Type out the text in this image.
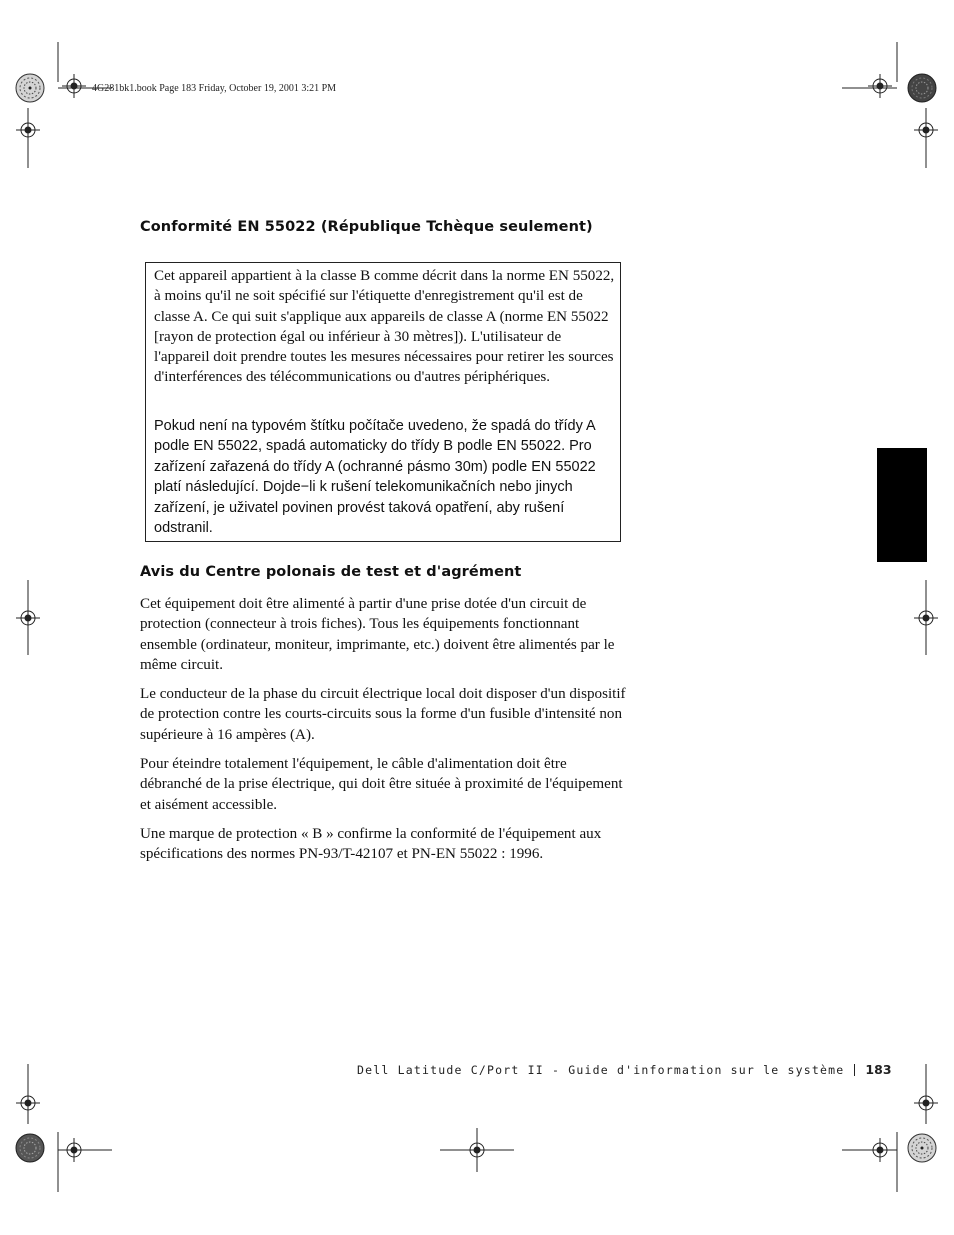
4G281bk1.book Page 183 Friday, October 19, 2001 3:21 PM
Conformité EN 55022 (République Tchèque seulement)
Cet appareil appartient à la classe B comme décrit dans la norme EN 55022, à moins qu'il ne soit spécifié sur l'étiquette d'enregistrement qu'il est de classe A. Ce qui suit s'applique aux appareils de classe A (norme EN 55022 [rayon de protection égal ou inférieur à 30 mètres]). L'utilisateur de l'appareil doit prendre toutes les mesures nécessaires pour retirer les sources d'interférences des télécommunications ou d'autres périphériques.
Pokud není na typovém štítku počítače uvedeno, že spadá do třídy A podle EN 55022, spadá automaticky do třídy B podle EN 55022. Pro zařízení zařazená do třídy A (ochranné pásmo 30m) podle EN 55022 platí následující. Dojde−li k rušení telekomunikačních nebo jinych zařízení, je uživatel povinen provést taková opatření, aby rušení odstranil.
Avis du Centre polonais de test et d'agrément
Cet équipement doit être alimenté à partir d'une prise dotée d'un circuit de protection (connecteur à trois fiches). Tous les équipements fonctionnant ensemble (ordinateur, moniteur, imprimante, etc.) doivent être alimentés par le même circuit.
Le conducteur de la phase du circuit électrique local doit disposer d'un dispositif de protection contre les courts-circuits sous la forme d'un fusible d'intensité non supérieure à 16 ampères (A).
Pour éteindre totalement l'équipement, le câble d'alimentation doit être débranché de la prise électrique, qui doit être située à proximité de l'équipement et aisément accessible.
Une marque de protection « B » confirme la conformité de l'équipement aux spécifications des normes PN-93/T-42107 et PN-EN 55022 : 1996.
Dell Latitude C/Port II - Guide d'information sur le système 183
